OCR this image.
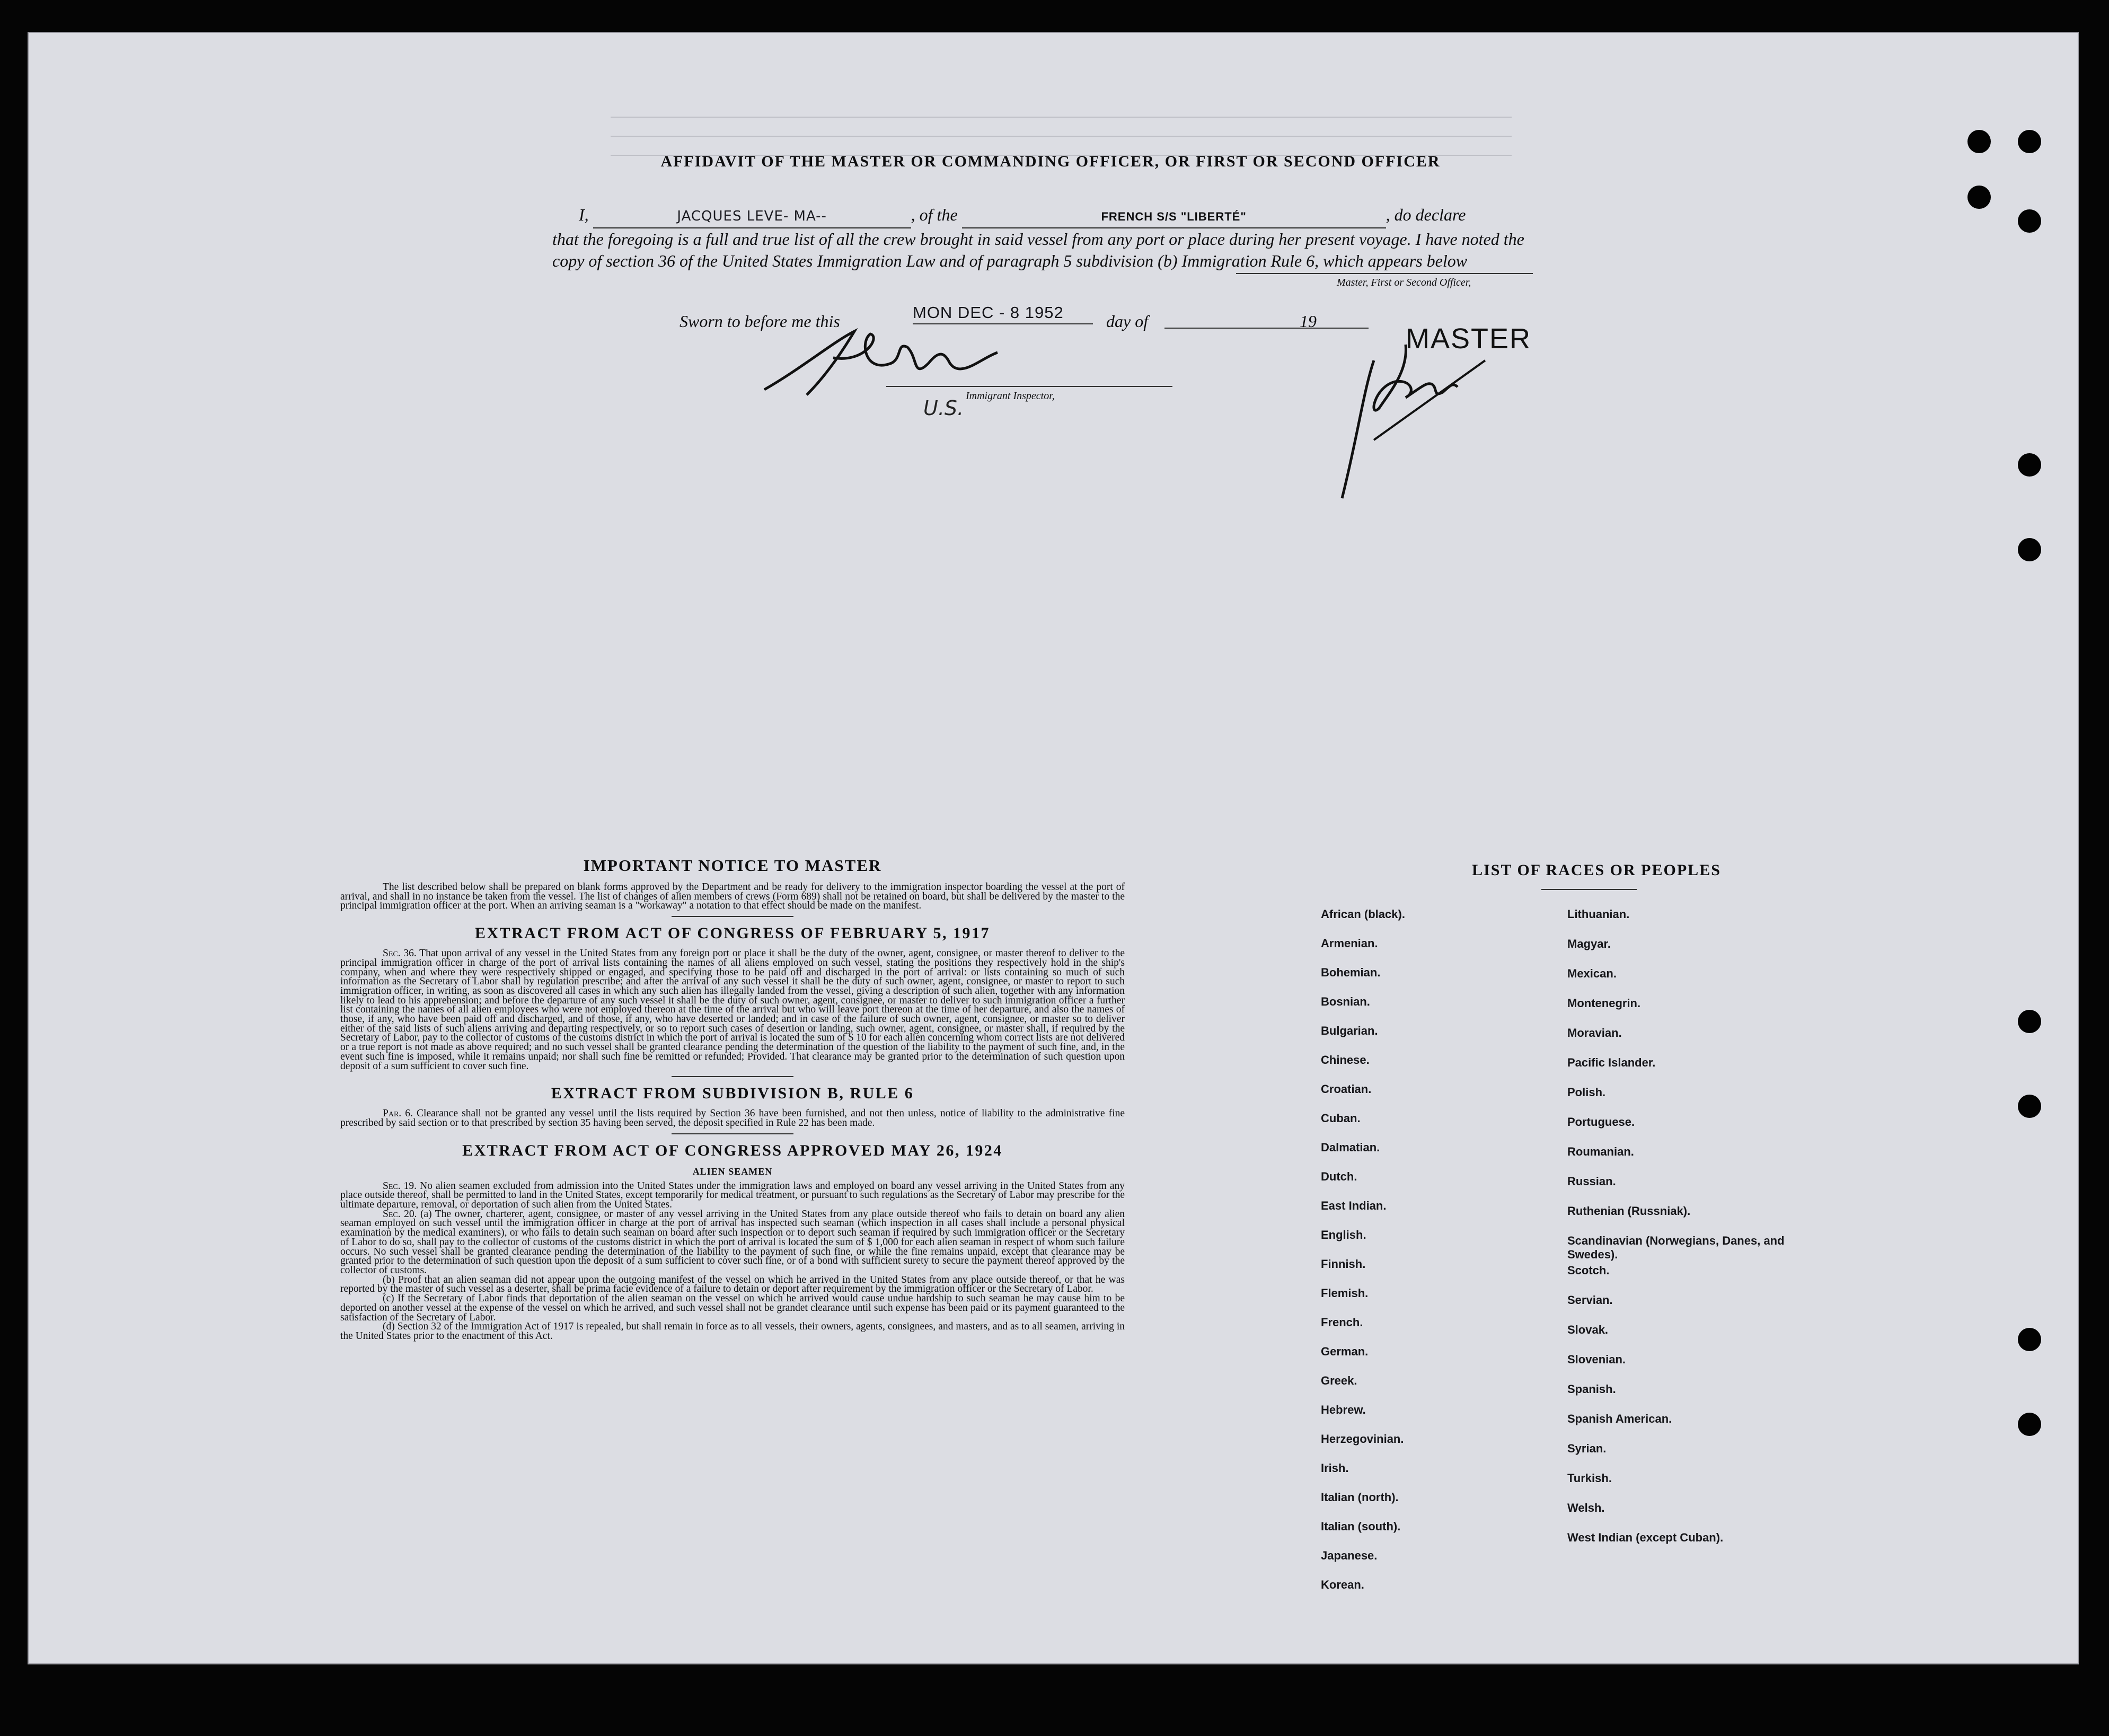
AFFIDAVIT OF THE MASTER OR COMMANDING OFFICER, OR FIRST OR SECOND OFFICER
I,	JACQUES LEVE- MA--	, of the	FRENCH S/S "LIBERTÉ"	, do declare
that the foregoing is a full and true list of all the crew brought in said vessel from any port or place during her present voyage. I have noted the copy of section 36 of the United States Immigration Law and of paragraph 5 subdivision (b) Immigration Rule 6, which appears below
Master, First or Second Officer,
MASTER
Sworn to before me this	MON DEC - 8 1952	day of	19
Immigrant Inspector,
U.S.
IMPORTANT NOTICE TO MASTER

The list described below shall be prepared on blank forms approved by the Department and be ready for delivery to the immigration inspector boarding the vessel at the port of arrival, and shall in no instance be taken from the vessel. The list of changes of alien members of crews (Form 689) shall not be retained on board, but shall be delivered by the master to the principal immigration officer at the port. When an arriving seaman is a "workaway" a notation to that effect should be made on the manifest.

EXTRACT FROM ACT OF CONGRESS OF FEBRUARY 5, 1917

Sec. 36. That upon arrival of any vessel in the United States from any foreign port or place it shall be the duty of the owner, agent, consignee, or master thereof to deliver to the principal immigration officer in charge of the port of arrival lists containing the names of all aliens employed on such vessel, stating the positions they respectively hold in the ship's company, when and where they were respectively shipped or engaged, and specifying those to be paid off and discharged in the port of arrival: or lists containing so much of such information as the Secretary of Labor shall by regulation prescribe; and after the arrival of any such vessel it shall be the duty of such owner, agent, consignee, or master to report to such immigration officer, in writing, as soon as discovered all cases in which any such alien has illegally landed from the vessel, giving a description of such alien, together with any information likely to lead to his apprehension; and before the departure of any such vessel it shall be the duty of such owner, agent, consignee, or master to deliver to such immigration officer a further list containing the names of all alien employees who were not employed thereon at the time of the arrival but who will leave port thereon at the time of her departure, and also the names of those, if any, who have been paid off and discharged, and of those, if any, who have deserted or landed; and in case of the failure of such owner, agent, consignee, or master so to deliver either of the said lists of such aliens arriving and departing respectively, or so to report such cases of desertion or landing, such owner, agent, consignee, or master shall, if required by the Secretary of Labor, pay to the collector of customs of the customs district in which the port of arrival is located the sum of $ 10 for each alien concerning whom correct lists are not delivered or a true report is not made as above required; and no such vessel shall be granted clearance pending the determination of the question of the liability to the payment of such fine, and, in the event such fine is imposed, while it remains unpaid; nor shall such fine be remitted or refunded; Provided. That clearance may be granted prior to the determination of such question upon deposit of a sum sufficient to cover such fine.

EXTRACT FROM SUBDIVISION B, RULE 6

Par. 6. Clearance shall not be granted any vessel until the lists required by Section 36 have been furnished, and not then unless, notice of liability to the administrative fine prescribed by said section or to that prescribed by section 35 having been served, the deposit specified in Rule 22 has been made.

EXTRACT FROM ACT OF CONGRESS APPROVED MAY 26, 1924
ALIEN SEAMEN

Sec. 19. No alien seamen excluded from admission into the United States under the immigration laws and employed on board any vessel arriving in the United States from any place outside thereof, shall be permitted to land in the United States, except temporarily for medical treatment, or pursuant to such regulations as the Secretary of Labor may prescribe for the ultimate departure, removal, or deportation of such alien from the United States.

Sec. 20. (a) The owner, charterer, agent, consignee, or master of any vessel arriving in the United States from any place outside thereof who fails to detain on board any alien seaman employed on such vessel until the immigration officer in charge at the port of arrival has inspected such seaman (which inspection in all cases shall include a personal physical examination by the medical examiners), or who fails to detain such seaman on board after such inspection or to deport such seaman if required by such immigration officer or the Secretary of Labor to do so, shall pay to the collector of customs of the customs district in which the port of arrival is located the sum of $ 1,000 for each alien seaman in respect of whom such failure occurs. No such vessel shall be granted clearance pending the determination of the liability to the payment of such fine, or while the fine remains unpaid, except that clearance may be granted prior to the determination of such question upon the deposit of a sum sufficient to cover such fine, or of a bond with sufficient surety to secure the payment thereof approved by the collector of customs.

(b) Proof that an alien seaman did not appear upon the outgoing manifest of the vessel on which he arrived in the United States from any place outside thereof, or that he was reported by the master of such vessel as a deserter, shall be prima facie evidence of a failure to detain or deport after requirement by the immigration officer or the Secretary of Labor.

(c) If the Secretary of Labor finds that deportation of the alien seaman on the vessel on which he arrived would cause undue hardship to such seaman he may cause him to be deported on another vessel at the expense of the vessel on which he arrived, and such vessel shall not be grandet clearance until such expense has been paid or its payment guaranteed to the satisfaction of the Secretary of Labor.

(d) Section 32 of the Immigration Act of 1917 is repealed, but shall remain in force as to all vessels, their owners, agents, consignees, and masters, and as to all seamen, arriving in the United States prior to the enactment of this Act.

LIST OF RACES OR PEOPLES
African (black).
Armenian.
Bohemian.
Bosnian.
Bulgarian.
Chinese.
Croatian.
Cuban.
Dalmatian.
Dutch.
East Indian.
English.
Finnish.
Flemish.
French.
German.
Greek.
Hebrew.
Herzegovinian.
Irish.
Italian (north).
Italian (south).
Japanese.
Korean.
Lithuanian.
Magyar.
Mexican.
Montenegrin.
Moravian.
Pacific Islander.
Polish.
Portuguese.
Roumanian.
Russian.
Ruthenian (Russniak).
Scandinavian (Norwegians, Danes, and Swedes).
Scotch.
Servian.
Slovak.
Slovenian.
Spanish.
Spanish American.
Syrian.
Turkish.
Welsh.
West Indian (except Cuban).
